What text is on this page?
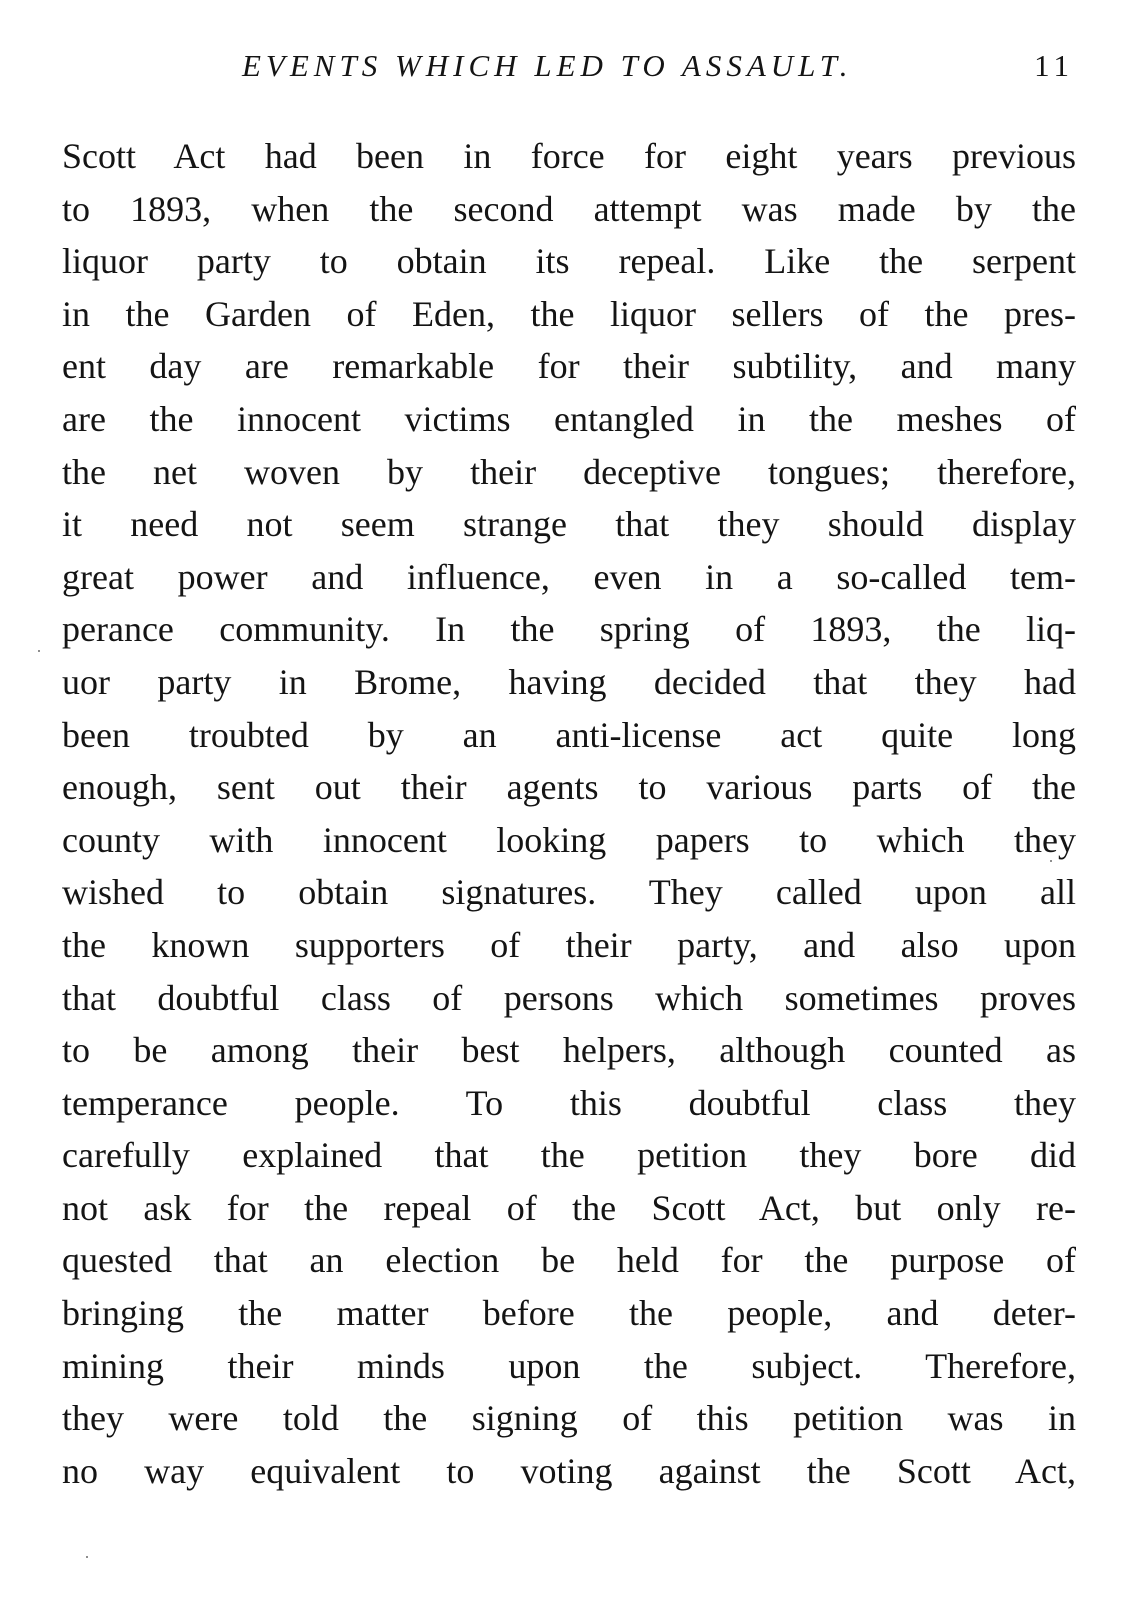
EVENTS WHICH LED TO ASSAULT.	11
Scott Act had been in force for eight years previous
to 1893, when the second attempt was made by the
liquor party to obtain its repeal. Like the serpent
in the Garden of Eden, the liquor sellers of the pres-
ent day are remarkable for their subtility, and many
are the innocent victims entangled in the meshes of
the net woven by their deceptive tongues; therefore,
it need not seem strange that they should display
great power and influence, even in a so-called tem-
perance community. In the spring of 1893, the liq-
uor party in Brome, having decided that they had
been troubted by an anti-license act quite long
enough, sent out their agents to various parts of the
county with innocent looking papers to which they
wished to obtain signatures. They called upon all
the known supporters of their party, and also upon
that doubtful class of persons which sometimes proves
to be among their best helpers, although counted as
temperance people. To this doubtful class they
carefully explained that the petition they bore did
not ask for the repeal of the Scott Act, but only re-
quested that an election be held for the purpose of
bringing the matter before the people, and deter-
mining their minds upon the subject. Therefore,
they were told the signing of this petition was in
no way equivalent to voting against the Scott Act,
